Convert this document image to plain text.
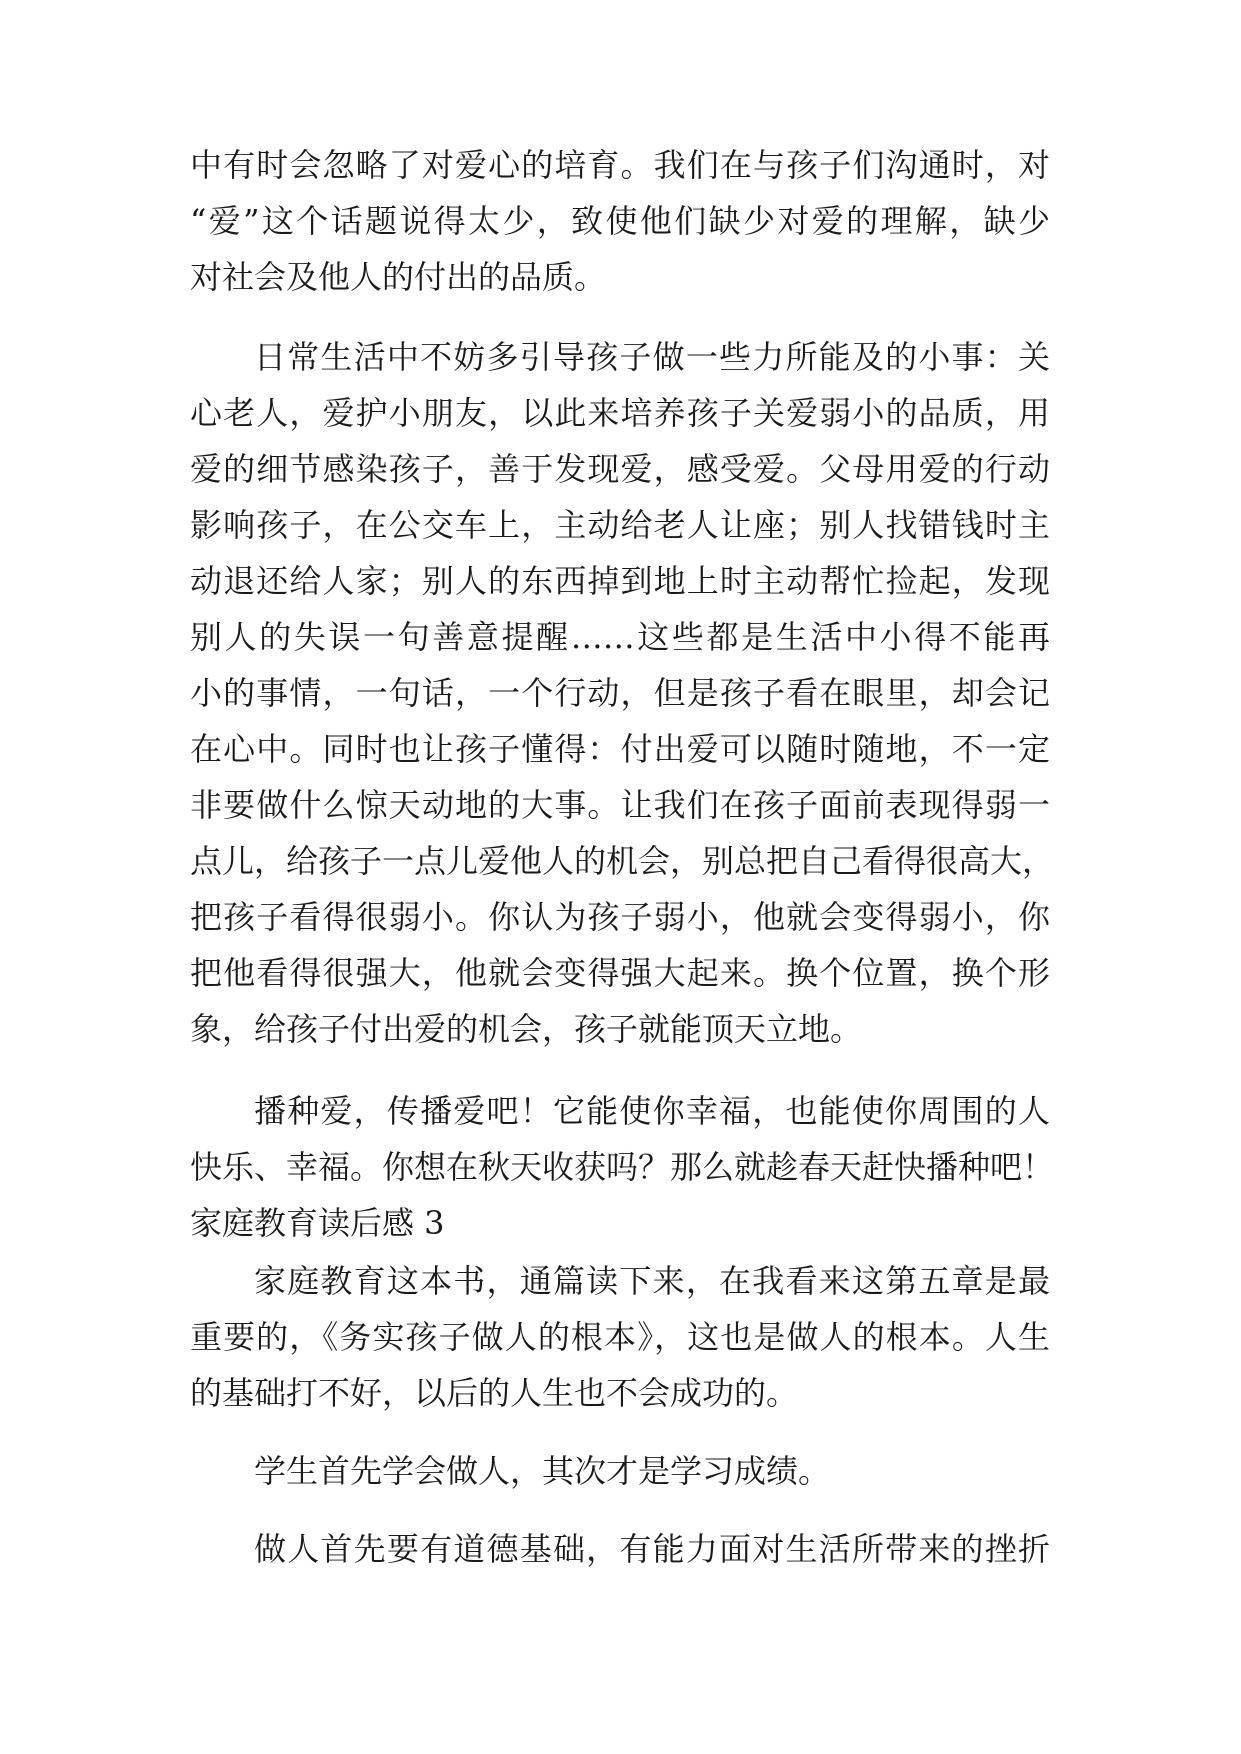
中有时会忽略了对爱心的培育。我们在与孩子们沟通时，对
“爱”这个话题说得太少，致使他们缺少对爱的理解，缺少
对社会及他人的付出的品质。
日常生活中不妨多引导孩子做一些力所能及的小事：关
心老人，爱护小朋友，以此来培养孩子关爱弱小的品质，用
爱的细节感染孩子，善于发现爱，感受爱。父母用爱的行动
影响孩子，在公交车上，主动给老人让座；别人找错钱时主
动退还给人家；别人的东西掉到地上时主动帮忙捡起，发现
别人的失误一句善意提醒……这些都是生活中小得不能再
小的事情，一句话，一个行动，但是孩子看在眼里，却会记
在心中。同时也让孩子懂得：付出爱可以随时随地，不一定
非要做什么惊天动地的大事。让我们在孩子面前表现得弱一
点儿，给孩子一点儿爱他人的机会，别总把自己看得很高大，
把孩子看得很弱小。你认为孩子弱小，他就会变得弱小，你
把他看得很强大，他就会变得强大起来。换个位置，换个形
象，给孩子付出爱的机会，孩子就能顶天立地。
播种爱，传播爱吧！它能使你幸福，也能使你周围的人
快乐、幸福。你想在秋天收获吗？那么就趁春天赶快播种吧！
家庭教育读后感 3
家庭教育这本书，通篇读下来，在我看来这第五章是最
重要的，《务实孩子做人的根本》，这也是做人的根本。人生
的基础打不好，以后的人生也不会成功的。
学生首先学会做人，其次才是学习成绩。
做人首先要有道德基础，有能力面对生活所带来的挫折
